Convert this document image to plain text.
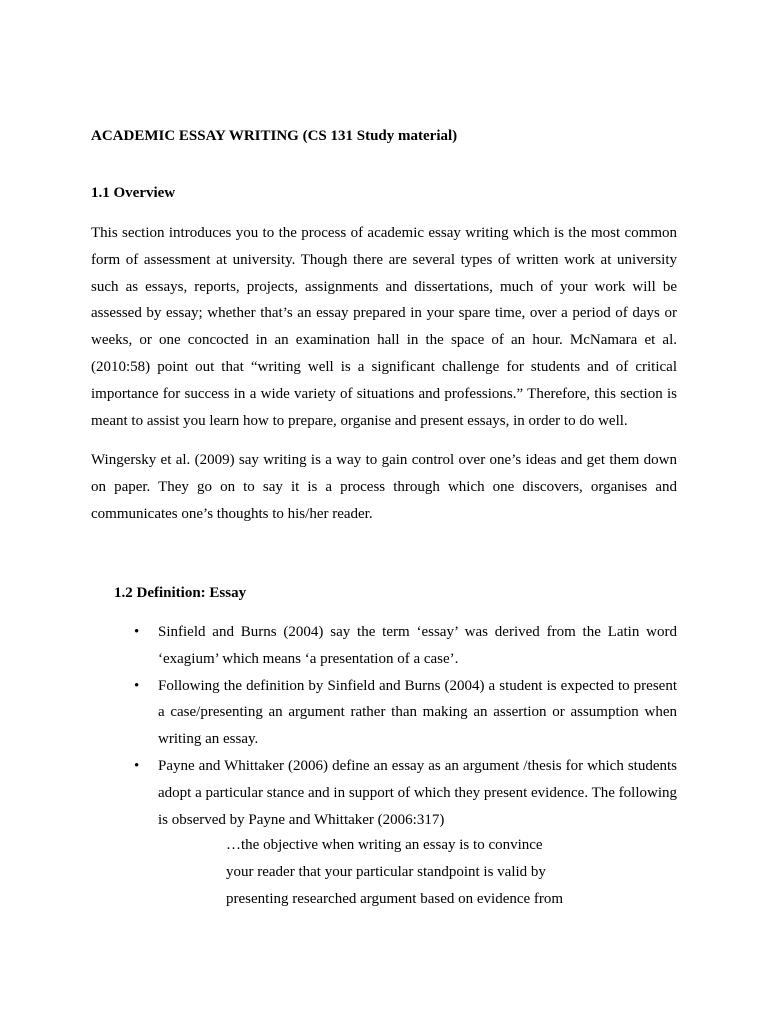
ACADEMIC ESSAY WRITING (CS 131 Study material)
1.1 Overview

This section introduces you to the process of academic essay writing which is the most common form of assessment at university. Though there are several types of written work at university such as essays, reports, projects, assignments and dissertations, much of your work will be assessed by essay; whether that’s an essay prepared in your spare time, over a period of days or weeks, or one concocted in an examination hall in the space of an hour. McNamara et al. (2010:58) point out that “writing well is a significant challenge for students and of critical importance for success in a wide variety of situations and professions.” Therefore, this section is meant to assist you learn how to prepare, organise and present essays, in order to do well.

Wingersky et al. (2009) say writing is a way to gain control over one’s ideas and get them down on paper. They go on to say it is a process through which one discovers, organises and communicates one’s thoughts to his/her reader.

1.2 Definition: Essay
• Sinfield and Burns (2004) say the term ‘essay’ was derived from the Latin word ‘exagium’ which means ‘a presentation of a case’.
• Following the definition by Sinfield and Burns (2004) a student is expected to present a case/presenting an argument rather than making an assertion or assumption when writing an essay.
• Payne and Whittaker (2006) define an essay as an argument /thesis for which students adopt a particular stance and in support of which they present evidence. The following is observed by Payne and Whittaker (2006:317)
…the objective when writing an essay is to convince
your reader that your particular standpoint is valid by
presenting researched argument based on evidence from
